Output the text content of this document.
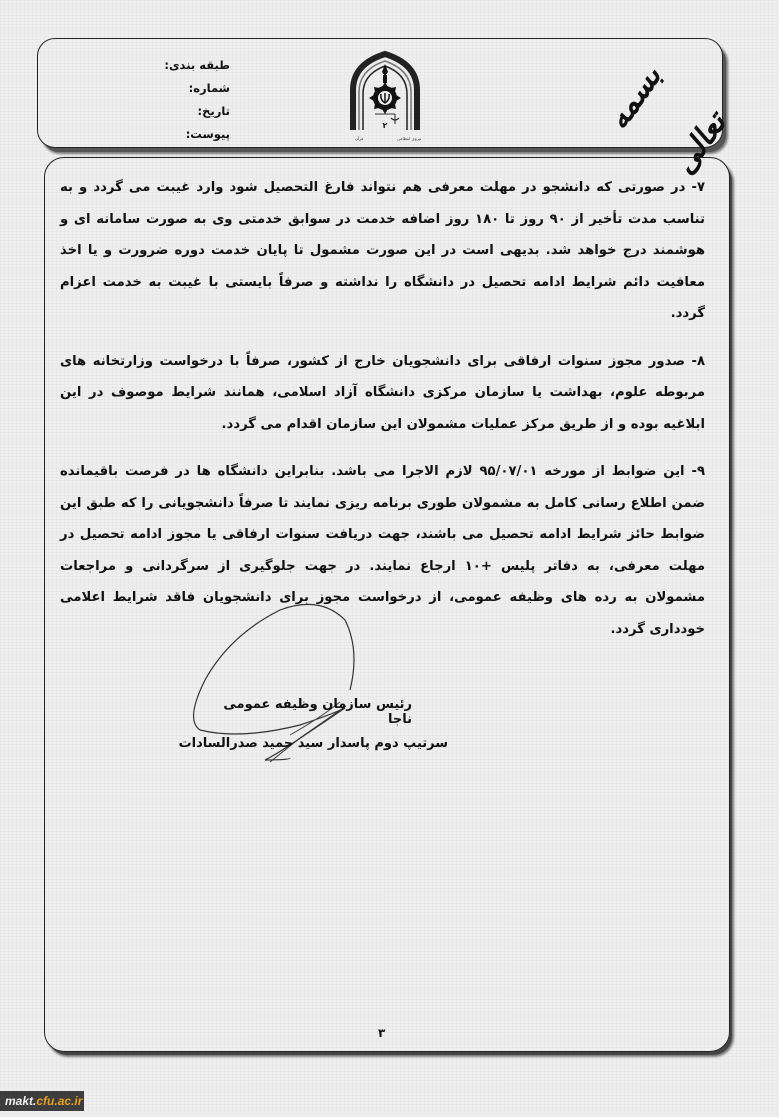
طبقه بندی:
شماره:
تاریخ:
پیوست:
۲
قرآن	نیروی انتظامی
بسمه تعالی

۷- در صورتی که دانشجو در مهلت معرفی هم نتواند فارغ التحصیل شود وارد غیبت می گردد و به تناسب مدت تأخیر از ۹۰ روز تا ۱۸۰ روز اضافه خدمت در سوابق خدمتی وی به صورت سامانه ای و هوشمند درج خواهد شد. بدیهی است در این صورت مشمول تا پایان خدمت دوره ضرورت و یا اخذ معافیت دائم شرایط ادامه تحصیل در دانشگاه را نداشته و صرفاً بایستی با غیبت به خدمت اعزام گردد.

۸- صدور مجوز سنوات ارفاقی برای دانشجویان خارج از کشور، صرفاً با درخواست وزارتخانه های مربوطه علوم، بهداشت یا سازمان مرکزی دانشگاه آزاد اسلامی، همانند شرایط موصوف در این ابلاغیه بوده و از طریق مرکز عملیات مشمولان این سازمان اقدام می گردد.

۹- این ضوابط از مورخه ۹۵/۰۷/۰۱ لازم الاجرا می باشد. بنابراین دانشگاه ها در فرصت باقیمانده ضمن اطلاع رسانی کامل به مشمولان طوری برنامه ریزی نمایند تا صرفاً دانشجویانی را که طبق این ضوابط حائز شرایط ادامه تحصیل می باشند، جهت دریافت سنوات ارفاقی یا مجوز ادامه تحصیل در مهلت معرفی، به دفاتر پلیس +۱۰ ارجاع نمایند. در جهت جلوگیری از سرگردانی و مراجعات مشمولان به رده های وظیفه عمومی، از درخواست مجوز برای دانشجویان فاقد شرایط اعلامی خودداری گردد.

رئیس سازمان وظیفه عمومی ناجا
سرتیپ دوم پاسدار سید حمید صدرالسادات
۳
makt.cfu.ac.ir
